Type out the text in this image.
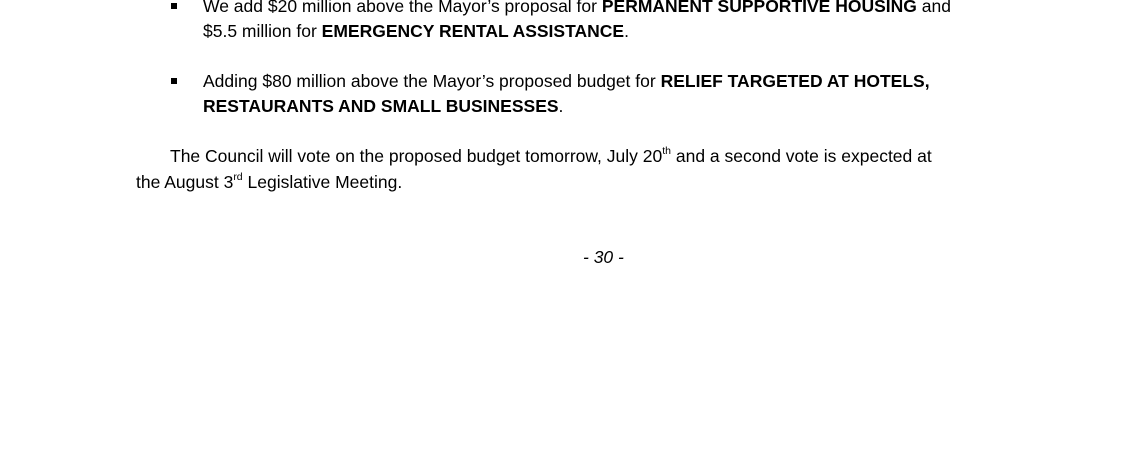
We add $20 million above the Mayor’s proposal for PERMANENT SUPPORTIVE HOUSING and
$5.5 million for EMERGENCY RENTAL ASSISTANCE.
Adding $80 million above the Mayor’s proposed budget for RELIEF TARGETED AT HOTELS,
RESTAURANTS AND SMALL BUSINESSES.
The Council will vote on the proposed budget tomorrow, July 20th and a second vote is expected at
the August 3rd Legislative Meeting.
- 30 -
